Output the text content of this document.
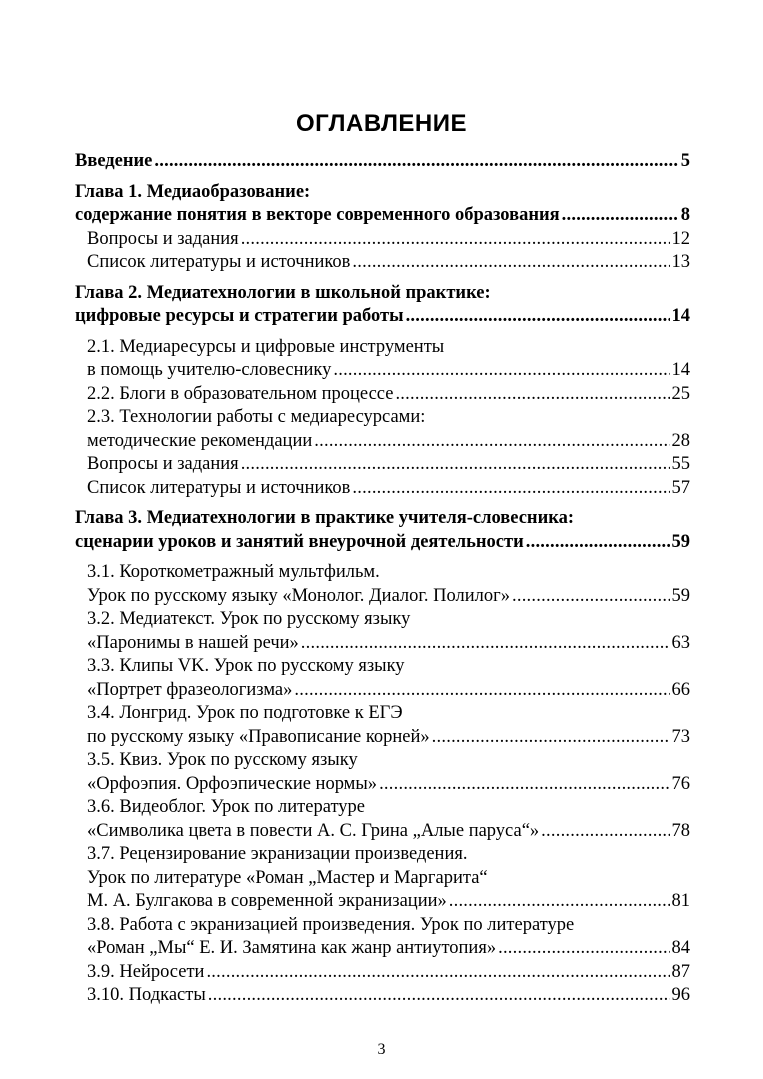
ОГЛАВЛЕНИЕ
Введение . . .	5
Глава 1. Медиаобразование:
содержание понятия в векторе современного образования . . .	8
Вопросы и задания . . .	12
Список литературы и источников . . .	13
Глава 2. Медиатехнологии в школьной практике:
цифровые ресурсы и стратегии работы . . .	14
2.1. Медиаресурсы и цифровые инструменты
в помощь учителю-словеснику . . .	14
2.2. Блоги в образовательном процессе . . .	25
2.3. Технологии работы с медиаресурсами:
методические рекомендации . . .	28
Вопросы и задания . . .	55
Список литературы и источников . . .	57
Глава 3. Медиатехнологии в практике учителя-словесника:
сценарии уроков и занятий внеурочной деятельности . . .	59
3.1. Короткометражный мультфильм.
Урок по русскому языку «Монолог. Диалог. Полилог» . . .	59
3.2. Медиатекст. Урок по русскому языку
«Паронимы в нашей речи» . . .	63
3.3. Клипы VK. Урок по русскому языку
«Портрет фразеологизма» . . .	66
3.4. Лонгрид. Урок по подготовке к ЕГЭ
по русскому языку «Правописание корней» . . .	73
3.5. Квиз. Урок по русскому языку
«Орфоэпия. Орфоэпические нормы» . . .	76
3.6. Видеоблог. Урок по литературе
«Символика цвета в повести А. С. Грина „Алые паруса“» . . .	78
3.7. Рецензирование экранизации произведения.
Урок по литературе «Роман „Мастер и Маргарита“
М. А. Булгакова в современной экранизации» . . .	81
3.8. Работа с экранизацией произведения. Урок по литературе
«Роман „Мы“ Е. И. Замятина как жанр антиутопия» . . .	84
3.9. Нейросети . . .	87
3.10. Подкасты . . .	96
3
